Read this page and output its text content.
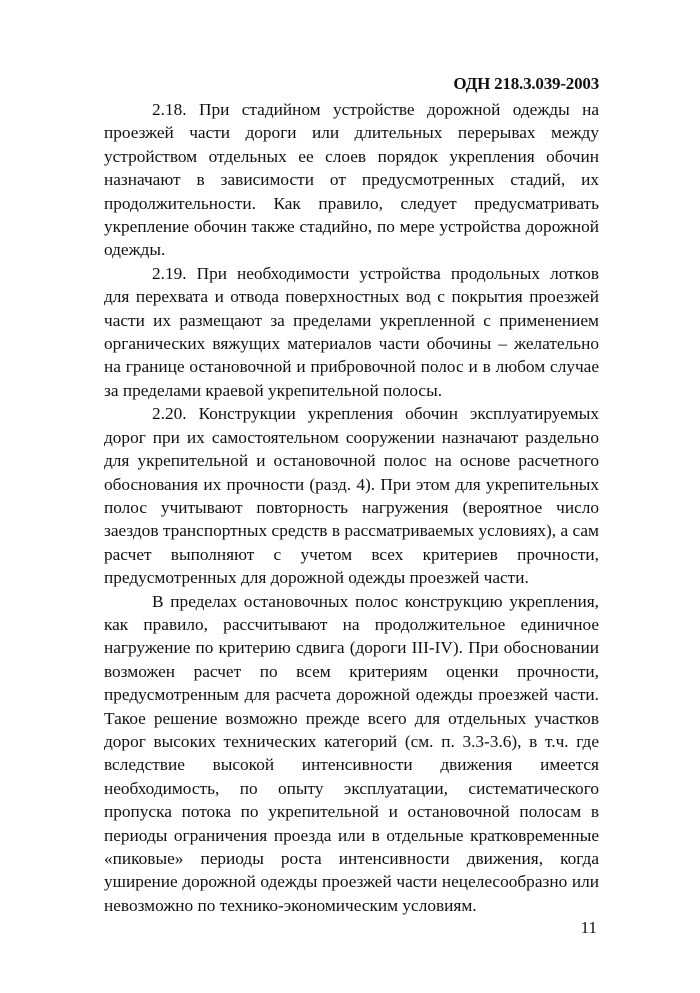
ОДН 218.3.039-2003

2.18. При стадийном устройстве дорожной одежды на проезжей части дороги или длительных перерывах между устройством отдельных ее слоев порядок укрепления обочин назначают в зависимости от предусмотренных стадий, их продолжительности. Как правило, следует предусматривать укрепление обочин также стадийно, по мере устройства дорожной одежды.

2.19. При необходимости устройства продольных лотков для перехвата и отвода поверхностных вод с покрытия проезжей части их размещают за пределами укрепленной с применением органических вяжущих материалов части обочины – желательно на границе остановочной и прибровочной полос и в любом случае за пределами краевой укрепительной полосы.

2.20. Конструкции укрепления обочин эксплуатируемых дорог при их самостоятельном сооружении назначают раздельно для укрепительной и остановочной полос на основе расчетного обоснования их прочности (разд. 4). При этом для укрепительных полос учитывают повторность нагружения (вероятное число заездов транспортных средств в рассматриваемых условиях), а сам расчет выполняют с учетом всех критериев прочности, предусмотренных для дорожной одежды проезжей части.

В пределах остановочных полос конструкцию укрепления, как правило, рассчитывают на продолжительное единичное нагружение по критерию сдвига (дороги III-IV). При обосновании возможен расчет по всем критериям оценки прочности, предусмотренным для расчета дорожной одежды проезжей части. Такое решение возможно прежде всего для отдельных участков дорог высоких технических категорий (см. п. 3.3-3.6), в т.ч. где вследствие высокой интенсивности движения имеется необходимость, по опыту эксплуатации, систематического пропуска потока по укрепительной и остановочной полосам в периоды ограничения проезда или в отдельные кратковременные «пиковые» периоды роста интенсивности движения, когда уширение дорожной одежды проезжей части нецелесообразно или невозможно по технико-экономическим условиям.

11
